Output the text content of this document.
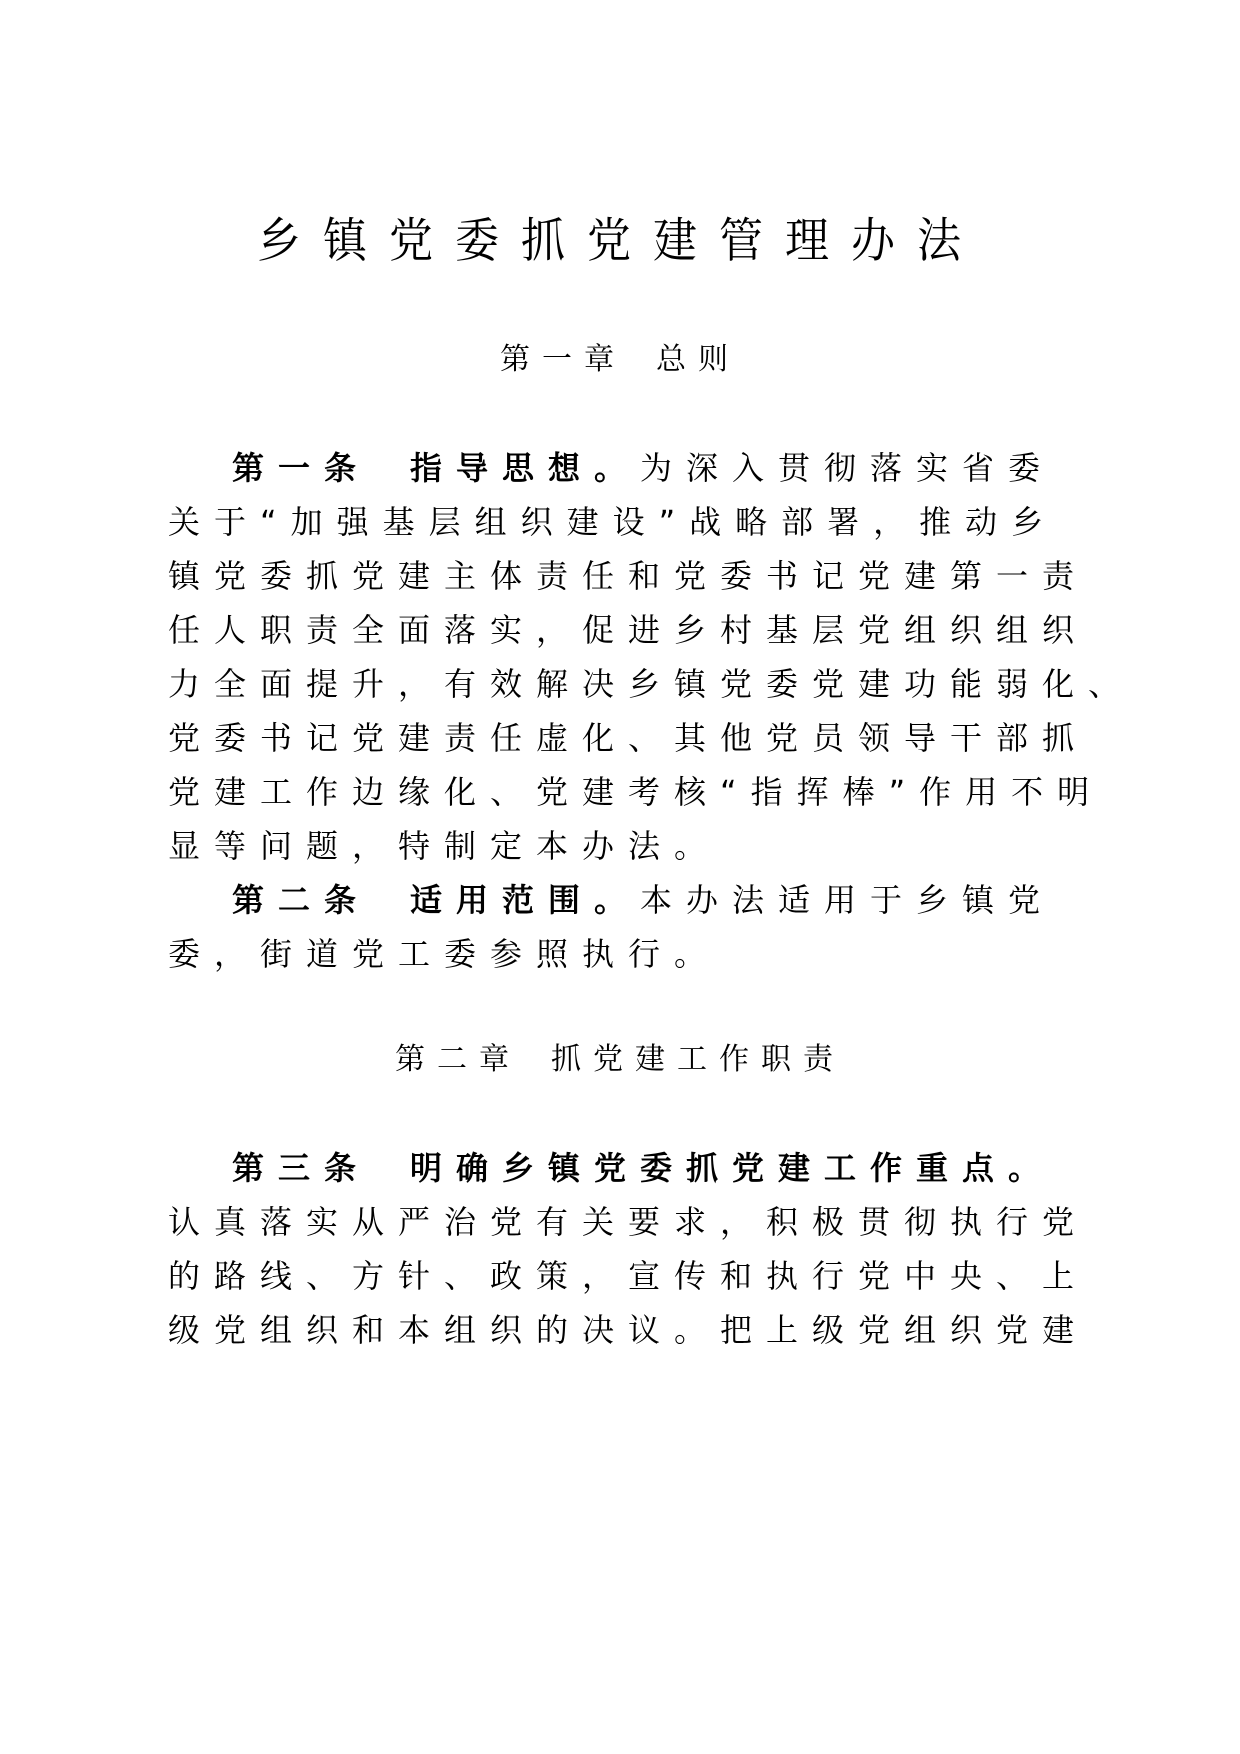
乡镇党委抓党建管理办法
第一章 总则
第一条 指导思想。为深入贯彻落实省委
关于“加强基层组织建设”战略部署，推动乡
镇党委抓党建主体责任和党委书记党建第一责
任人职责全面落实，促进乡村基层党组织组织
力全面提升，有效解决乡镇党委党建功能弱化、
党委书记党建责任虚化、其他党员领导干部抓
党建工作边缘化、党建考核“指挥棒”作用不明
显等问题，特制定本办法。
第二条 适用范围。本办法适用于乡镇党
委，街道党工委参照执行。
第二章 抓党建工作职责
第三条 明确乡镇党委抓党建工作重点。
认真落实从严治党有关要求，积极贯彻执行党
的路线、方针、政策，宣传和执行党中央、上
级党组织和本组织的决议。把上级党组织党建
